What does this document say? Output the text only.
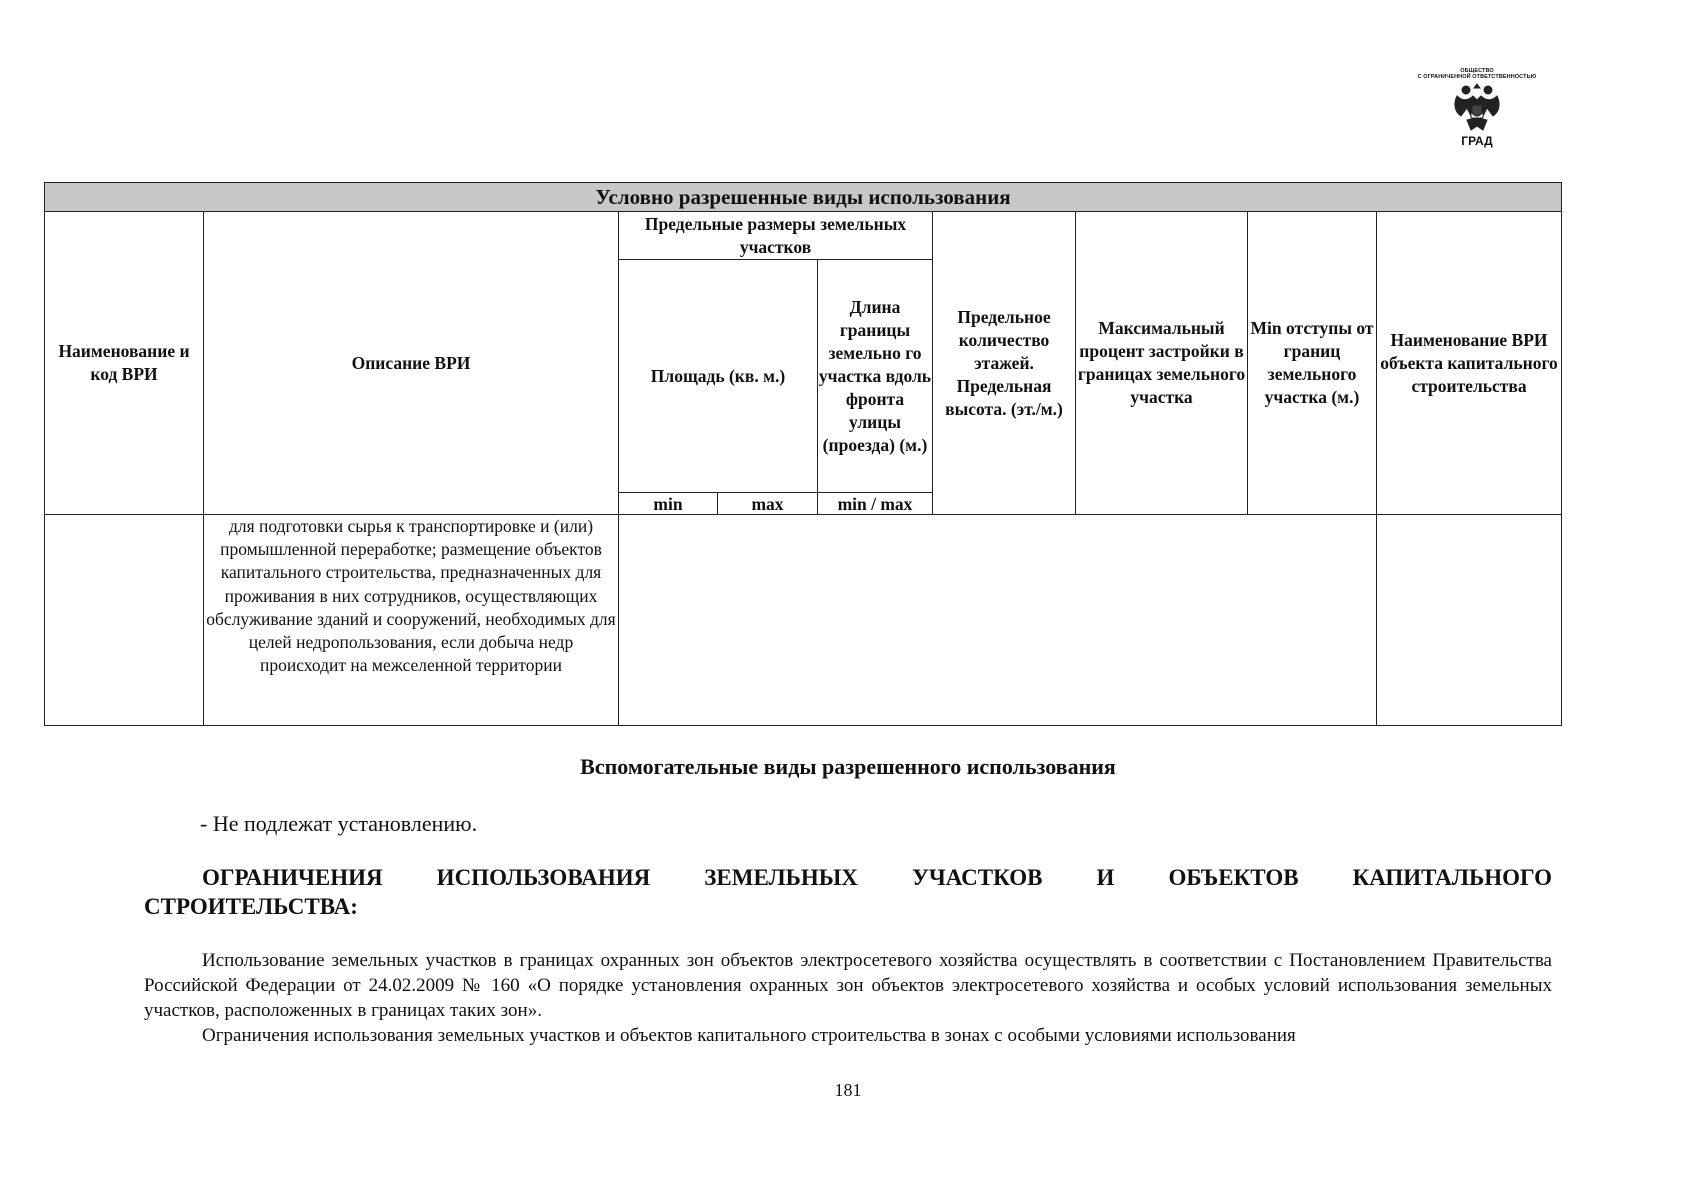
ОБЩЕСТВО
С ОГРАНИЧЕННОЙ ОТВЕТСТВЕННОСТЬЮ
ГРАД
Условно разрешенные виды использования								
Наименование и код ВРИ	Описание ВРИ	Предельные размеры земельных участков			Предельное количество этажей. Предельная высота. (эт./м.)	Максимальный процент застройки в границах земельного участка	Min отступы от границ земельного участка (м.)	Наименование ВРИ объекта капитального строительства
		Площадь (кв. м.)		Длина границы земельно го участка вдоль фронта улицы (проезда) (м.)				
		min	max	min / max				
	для подготовки сырья к транспортировке и (или) промышленной переработке; размещение объектов капитального строительства, предназначенных для проживания в них сотрудников, осуществляющих обслуживание зданий и сооружений, необходимых для целей недропользования, если добыча недр происходит на межселенной территории							
Вспомогательные виды разрешенного использования
- Не подлежат установлению.
ОГРАНИЧЕНИЯ ИСПОЛЬЗОВАНИЯ ЗЕМЕЛЬНЫХ УЧАСТКОВ И ОБЪЕКТОВ КАПИТАЛЬНОГО СТРОИТЕЛЬСТВА:
Использование земельных участков в границах охранных зон объектов электросетевого хозяйства осуществлять в соответствии с Постановлением Правительства Российской Федерации от 24.02.2009 № 160 «О порядке установления охранных зон объектов электросетевого хозяйства и особых условий использования земельных участков, расположенных в границах таких зон».
Ограничения использования земельных участков и объектов капитального строительства в зонах с особыми условиями использования
181
